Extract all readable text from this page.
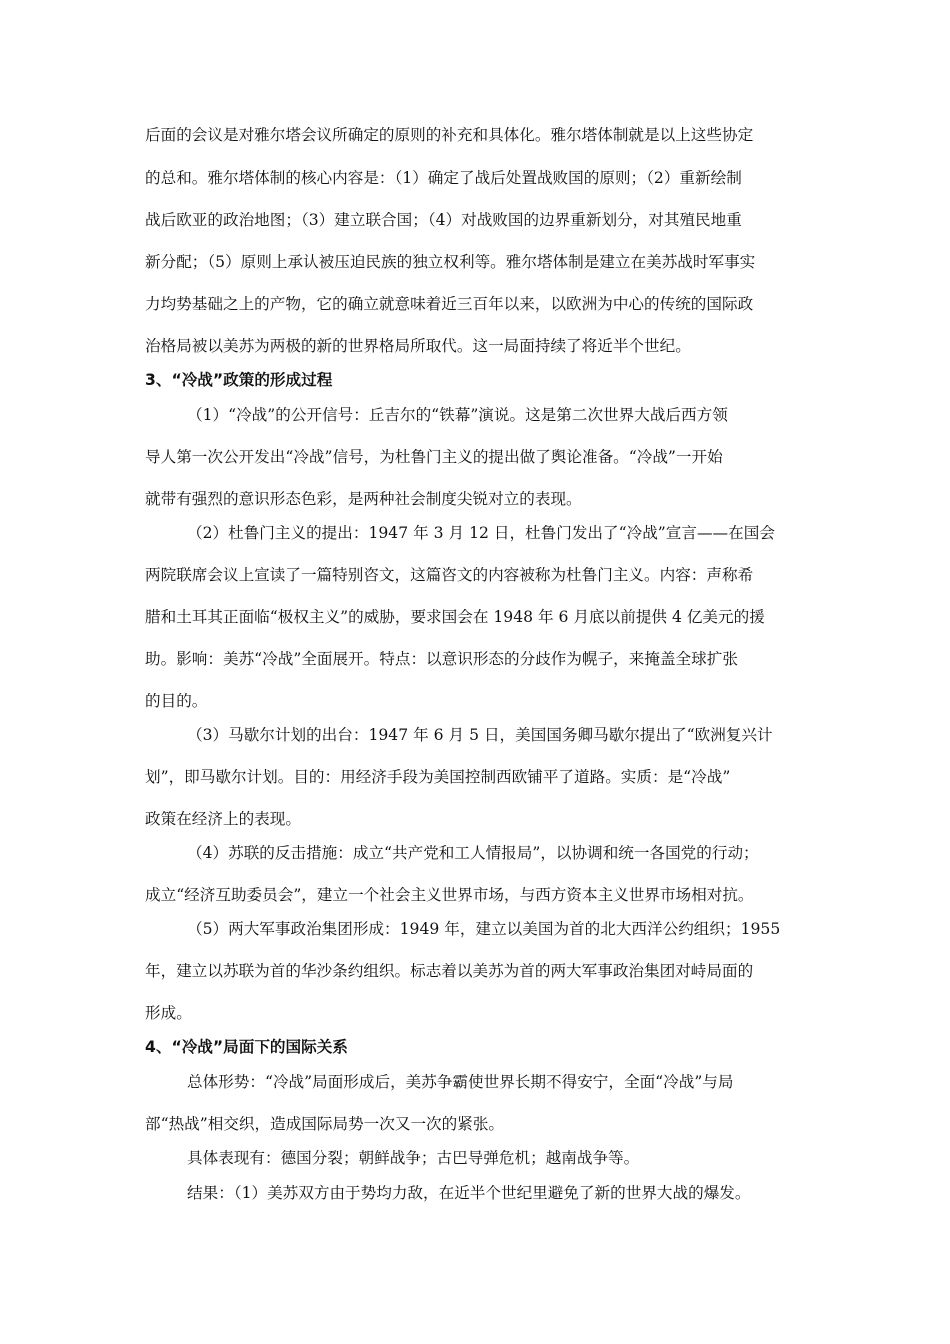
后面的会议是对雅尔塔会议所确定的原则的补充和具体化。雅尔塔体制就是以上这些协定
的总和。雅尔塔体制的核心内容是：（1）确定了战后处置战败国的原则；（2）重新绘制
战后欧亚的政治地图；（3）建立联合国；（4）对战败国的边界重新划分，对其殖民地重
新分配；（5）原则上承认被压迫民族的独立权利等。雅尔塔体制是建立在美苏战时军事实
力均势基础之上的产物，它的确立就意味着近三百年以来，以欧洲为中心的传统的国际政
治格局被以美苏为两极的新的世界格局所取代。这一局面持续了将近半个世纪。
3、“冷战”政策的形成过程
（1）“冷战”的公开信号：丘吉尔的“铁幕”演说。这是第二次世界大战后西方领
导人第一次公开发出“冷战”信号，为杜鲁门主义的提出做了舆论准备。“冷战”一开始
就带有强烈的意识形态色彩，是两种社会制度尖锐对立的表现。
（2）杜鲁门主义的提出：1947 年 3 月 12 日，杜鲁门发出了“冷战”宣言——在国会
两院联席会议上宣读了一篇特别咨文，这篇咨文的内容被称为杜鲁门主义。内容：声称希
腊和土耳其正面临“极权主义”的威胁，要求国会在 1948 年 6 月底以前提供 4 亿美元的援
助。影响：美苏“冷战”全面展开。特点：以意识形态的分歧作为幌子，来掩盖全球扩张
的目的。
（3）马歇尔计划的出台：1947 年 6 月 5 日，美国国务卿马歇尔提出了“欧洲复兴计
划”，即马歇尔计划。目的：用经济手段为美国控制西欧铺平了道路。实质：是“冷战”
政策在经济上的表现。
（4）苏联的反击措施：成立“共产党和工人情报局”，以协调和统一各国党的行动；
成立“经济互助委员会”，建立一个社会主义世界市场，与西方资本主义世界市场相对抗。
（5）两大军事政治集团形成：1949 年，建立以美国为首的北大西洋公约组织；1955
年，建立以苏联为首的华沙条约组织。标志着以美苏为首的两大军事政治集团对峙局面的
形成。
4、“冷战”局面下的国际关系
总体形势：“冷战”局面形成后，美苏争霸使世界长期不得安宁，全面“冷战”与局
部“热战”相交织，造成国际局势一次又一次的紧张。
具体表现有：德国分裂；朝鲜战争；古巴导弹危机；越南战争等。
结果：（1）美苏双方由于势均力敌，在近半个世纪里避免了新的世界大战的爆发。
